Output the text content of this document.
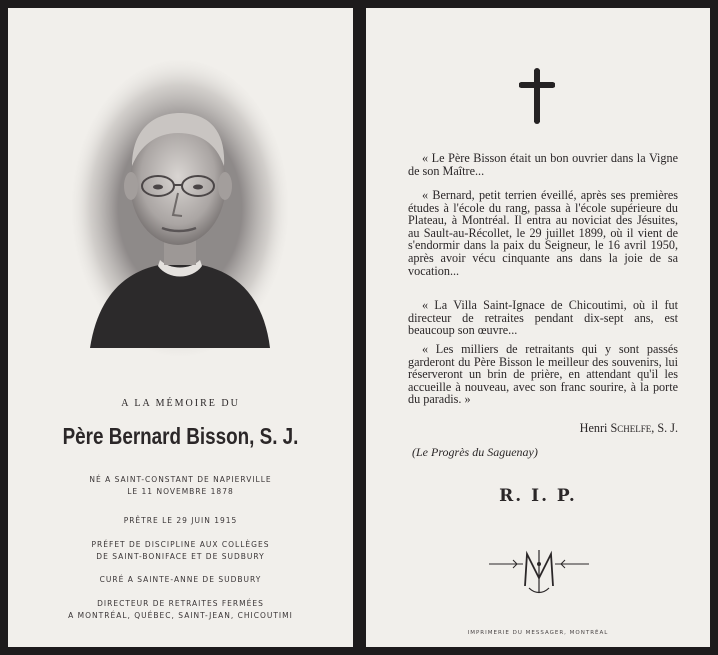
A LA MÉMOIRE DU
Père Bernard Bisson, S. J.
NÉ A SAINT-CONSTANT DE NAPIERVILLE
LE 11 NOVEMBRE 1878
PRÊTRE LE 29 JUIN 1915
PRÉFET DE DISCIPLINE AUX COLLÈGES
DE SAINT-BONIFACE ET DE SUDBURY
CURÉ A SAINTE-ANNE DE SUDBURY
DIRECTEUR DE RETRAITES FERMÉES
A MONTRÉAL, QUÉBEC, SAINT-JEAN, CHICOUTIMI

« Le Père Bisson était un bon ouvrier dans la Vigne de son Maître...

« Bernard, petit terrien éveillé, après ses premières études à l'école du rang, passa à l'école supérieure du Plateau, à Montréal. Il entra au noviciat des Jésuites, au Sault-au-Récollet, le 29 juillet 1899, où il vient de s'endormir dans la paix du Seigneur, le 16 avril 1950, après avoir vécu cinquante ans dans la joie de sa vocation...

« La Villa Saint-Ignace de Chicoutimi, où il fut directeur de retraites pendant dix-sept ans, est beaucoup son œuvre...

« Les milliers de retraitants qui y sont passés garderont du Père Bisson le meilleur des souvenirs, lui réserveront un brin de prière, en attendant qu'il les accueille à nouveau, avec son franc sourire, à la porte du paradis. »

Henri Schelfe, S. J.
(Le Progrès du Saguenay)
R. I. P.
IMPRIMERIE DU MESSAGER, MONTRÉAL
